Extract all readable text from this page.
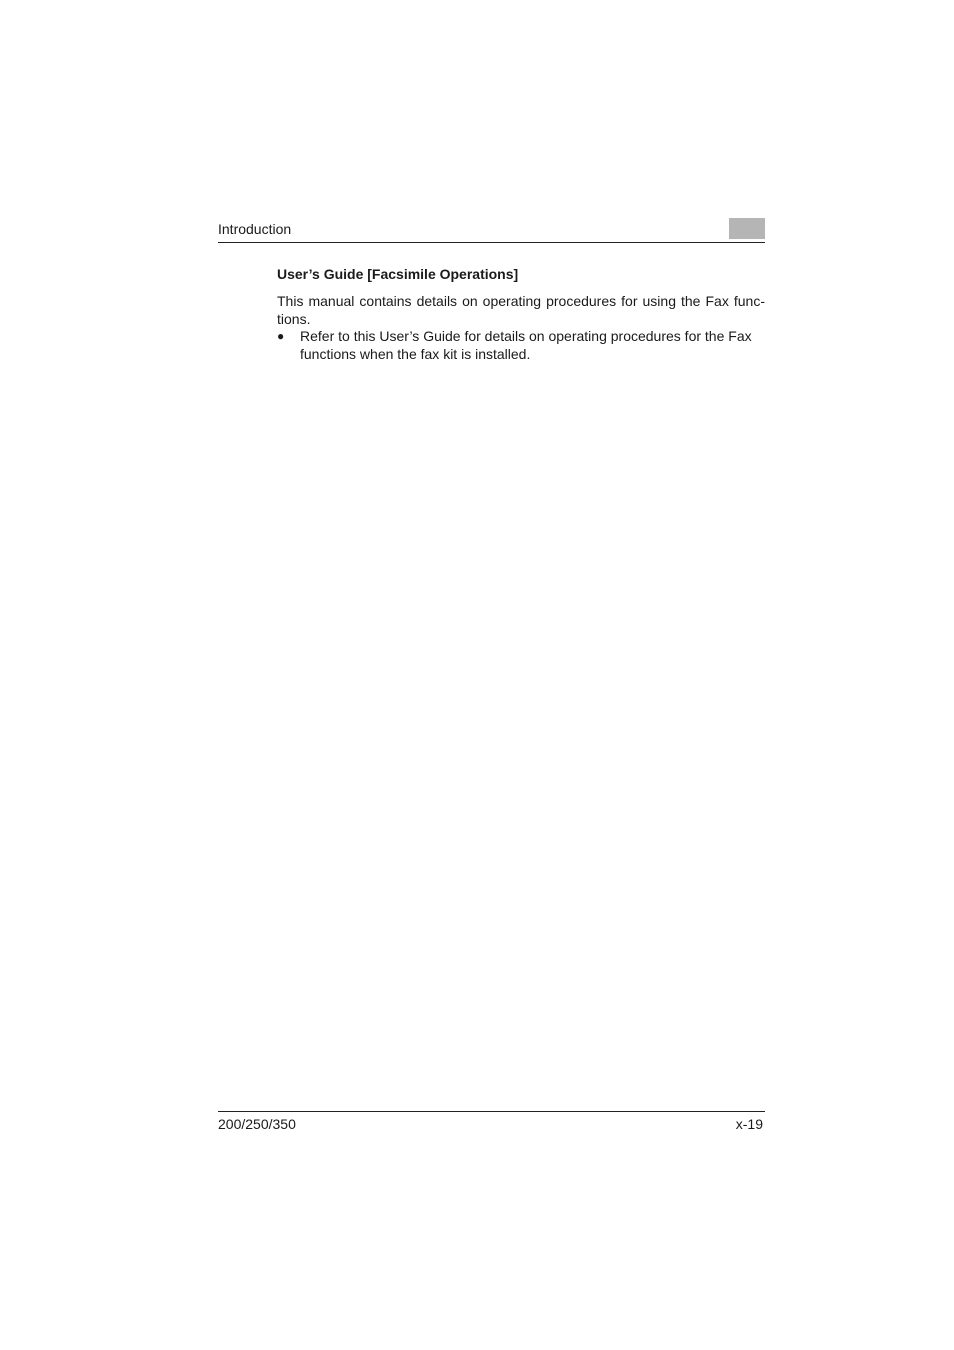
Introduction
User’s Guide [Facsimile Operations]

This manual contains details on operating procedures for using the Fax func-tions.

● Refer to this User’s Guide for details on operating procedures for the Fax functions when the fax kit is installed.
200/250/350	x-19
